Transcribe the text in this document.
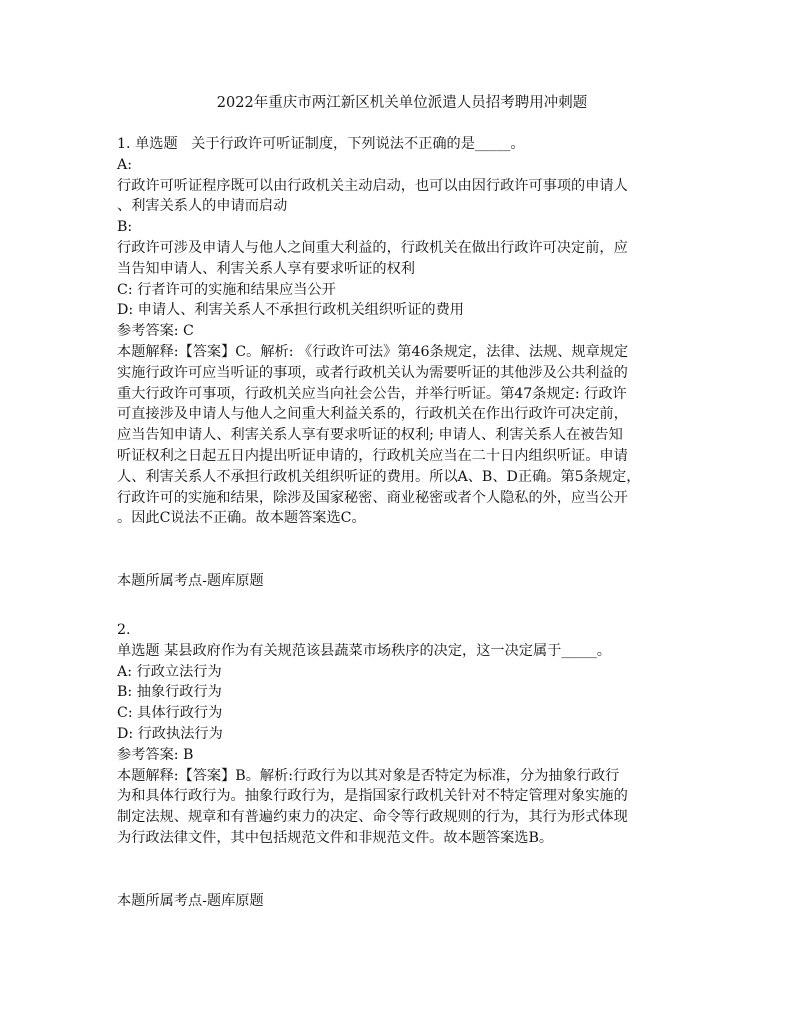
2022年重庆市两江新区机关单位派遣人员招考聘用冲刺题
1. 单选题 关于行政许可听证制度，下列说法不正确的是_____。
A:
行政许可听证程序既可以由行政机关主动启动，也可以由因行政许可事项的申请人
、利害关系人的申请而启动
B:
行政许可涉及申请人与他人之间重大利益的，行政机关在做出行政许可决定前，应
当告知申请人、利害关系人享有要求听证的权利
C: 行者许可的实施和结果应当公开
D: 申请人、利害关系人不承担行政机关组织听证的费用
参考答案: C
本题解释:【答案】C。解析: 《行政许可法》第46条规定，法律、法规、规章规定
实施行政许可应当听证的事项，或者行政机关认为需要听证的其他涉及公共利益的
重大行政许可事项，行政机关应当向社会公告，并举行听证。第47条规定: 行政许
可直接涉及申请人与他人之间重大利益关系的，行政机关在作出行政许可决定前，
应当告知申请人、利害关系人享有要求听证的权利; 申请人、利害关系人在被告知
听证权利之日起五日内提出听证申请的，行政机关应当在二十日内组织听证。申请
人、利害关系人不承担行政机关组织听证的费用。所以A、B、D正确。第5条规定，
行政许可的实施和结果，除涉及国家秘密、商业秘密或者个人隐私的外，应当公开
。因此C说法不正确。故本题答案选C。
本题所属考点-题库原题
2.
单选题 某县政府作为有关规范该县蔬菜市场秩序的决定，这一决定属于_____。
A: 行政立法行为
B: 抽象行政行为
C: 具体行政行为
D: 行政执法行为
参考答案: B
本题解释:【答案】B。解析:行政行为以其对象是否特定为标准，分为抽象行政行
为和具体行政行为。抽象行政行为，是指国家行政机关针对不特定管理对象实施的
制定法规、规章和有普遍约束力的决定、命令等行政规则的行为，其行为形式体现
为行政法律文件，其中包括规范文件和非规范文件。故本题答案选B。
本题所属考点-题库原题
